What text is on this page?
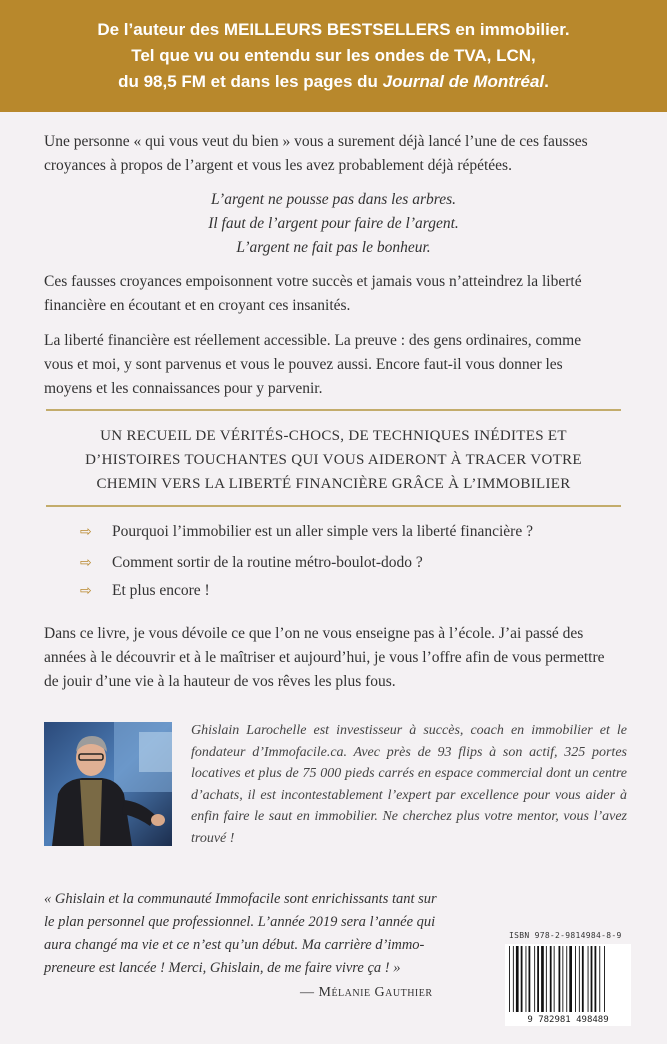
De l’auteur des MEILLEURS BESTSELLERS en immobilier.
Tel que vu ou entendu sur les ondes de TVA, LCN,
du 98,5 FM et dans les pages du Journal de Montréal.
Une personne « qui vous veut du bien » vous a surement déjà lancé l’une de ces fausses
croyances à propos de l’argent et vous les avez probablement déjà répétées.
L’argent ne pousse pas dans les arbres.
Il faut de l’argent pour faire de l’argent.
L’argent ne fait pas le bonheur.
Ces fausses croyances empoisonnent votre succès et jamais vous n’atteindrez la liberté
financière en écoutant et en croyant ces insanités.
La liberté financière est réellement accessible. La preuve : des gens ordinaires, comme
vous et moi, y sont parvenus et vous le pouvez aussi. Encore faut-il vous donner les
moyens et les connaissances pour y parvenir.
UN RECUEIL DE VÉRITÉS-CHOCS, DE TECHNIQUES INÉDITES ET
D’HISTOIRES TOUCHANTES QUI VOUS AIDERONT À TRACER VOTRE
CHEMIN VERS LA LIBERTÉ FINANCIÈRE GRÂCE À L’IMMOBILIER
⇨ Pourquoi l’immobilier est un aller simple vers la liberté financière ?
⇨ Comment sortir de la routine métro-boulot-dodo ?
⇨ Et plus encore !
Dans ce livre, je vous dévoile ce que l’on ne vous enseigne pas à l’école. J’ai passé des
années à le découvrir et à le maîtriser et aujourd’hui, je vous l’offre afin de vous permettre
de jouir d’une vie à la hauteur de vos rêves les plus fous.
Ghislain Larochelle est investisseur à succès, coach en immobilier et le fondateur d’Immofacile.ca. Avec près de 93 flips à son actif, 325 portes locatives et plus de 75 000 pieds carrés en espace commercial dont un centre d’achats, il est incontestablement l’expert par excellence pour vous aider à enfin faire le saut en immobilier. Ne cherchez plus votre mentor, vous l’avez trouvé !
« Ghislain et la communauté Immofacile sont enrichissants tant sur
le plan personnel que professionnel. L’année 2019 sera l’année qui
aura changé ma vie et ce n’est qu’un début. Ma carrière d’immo-
preneure est lancée ! Merci, Ghislain, de me faire vivre ça ! »
— Mélanie Gauthier
ISBN 978-2-9814984-8-9
9 782981 498489
